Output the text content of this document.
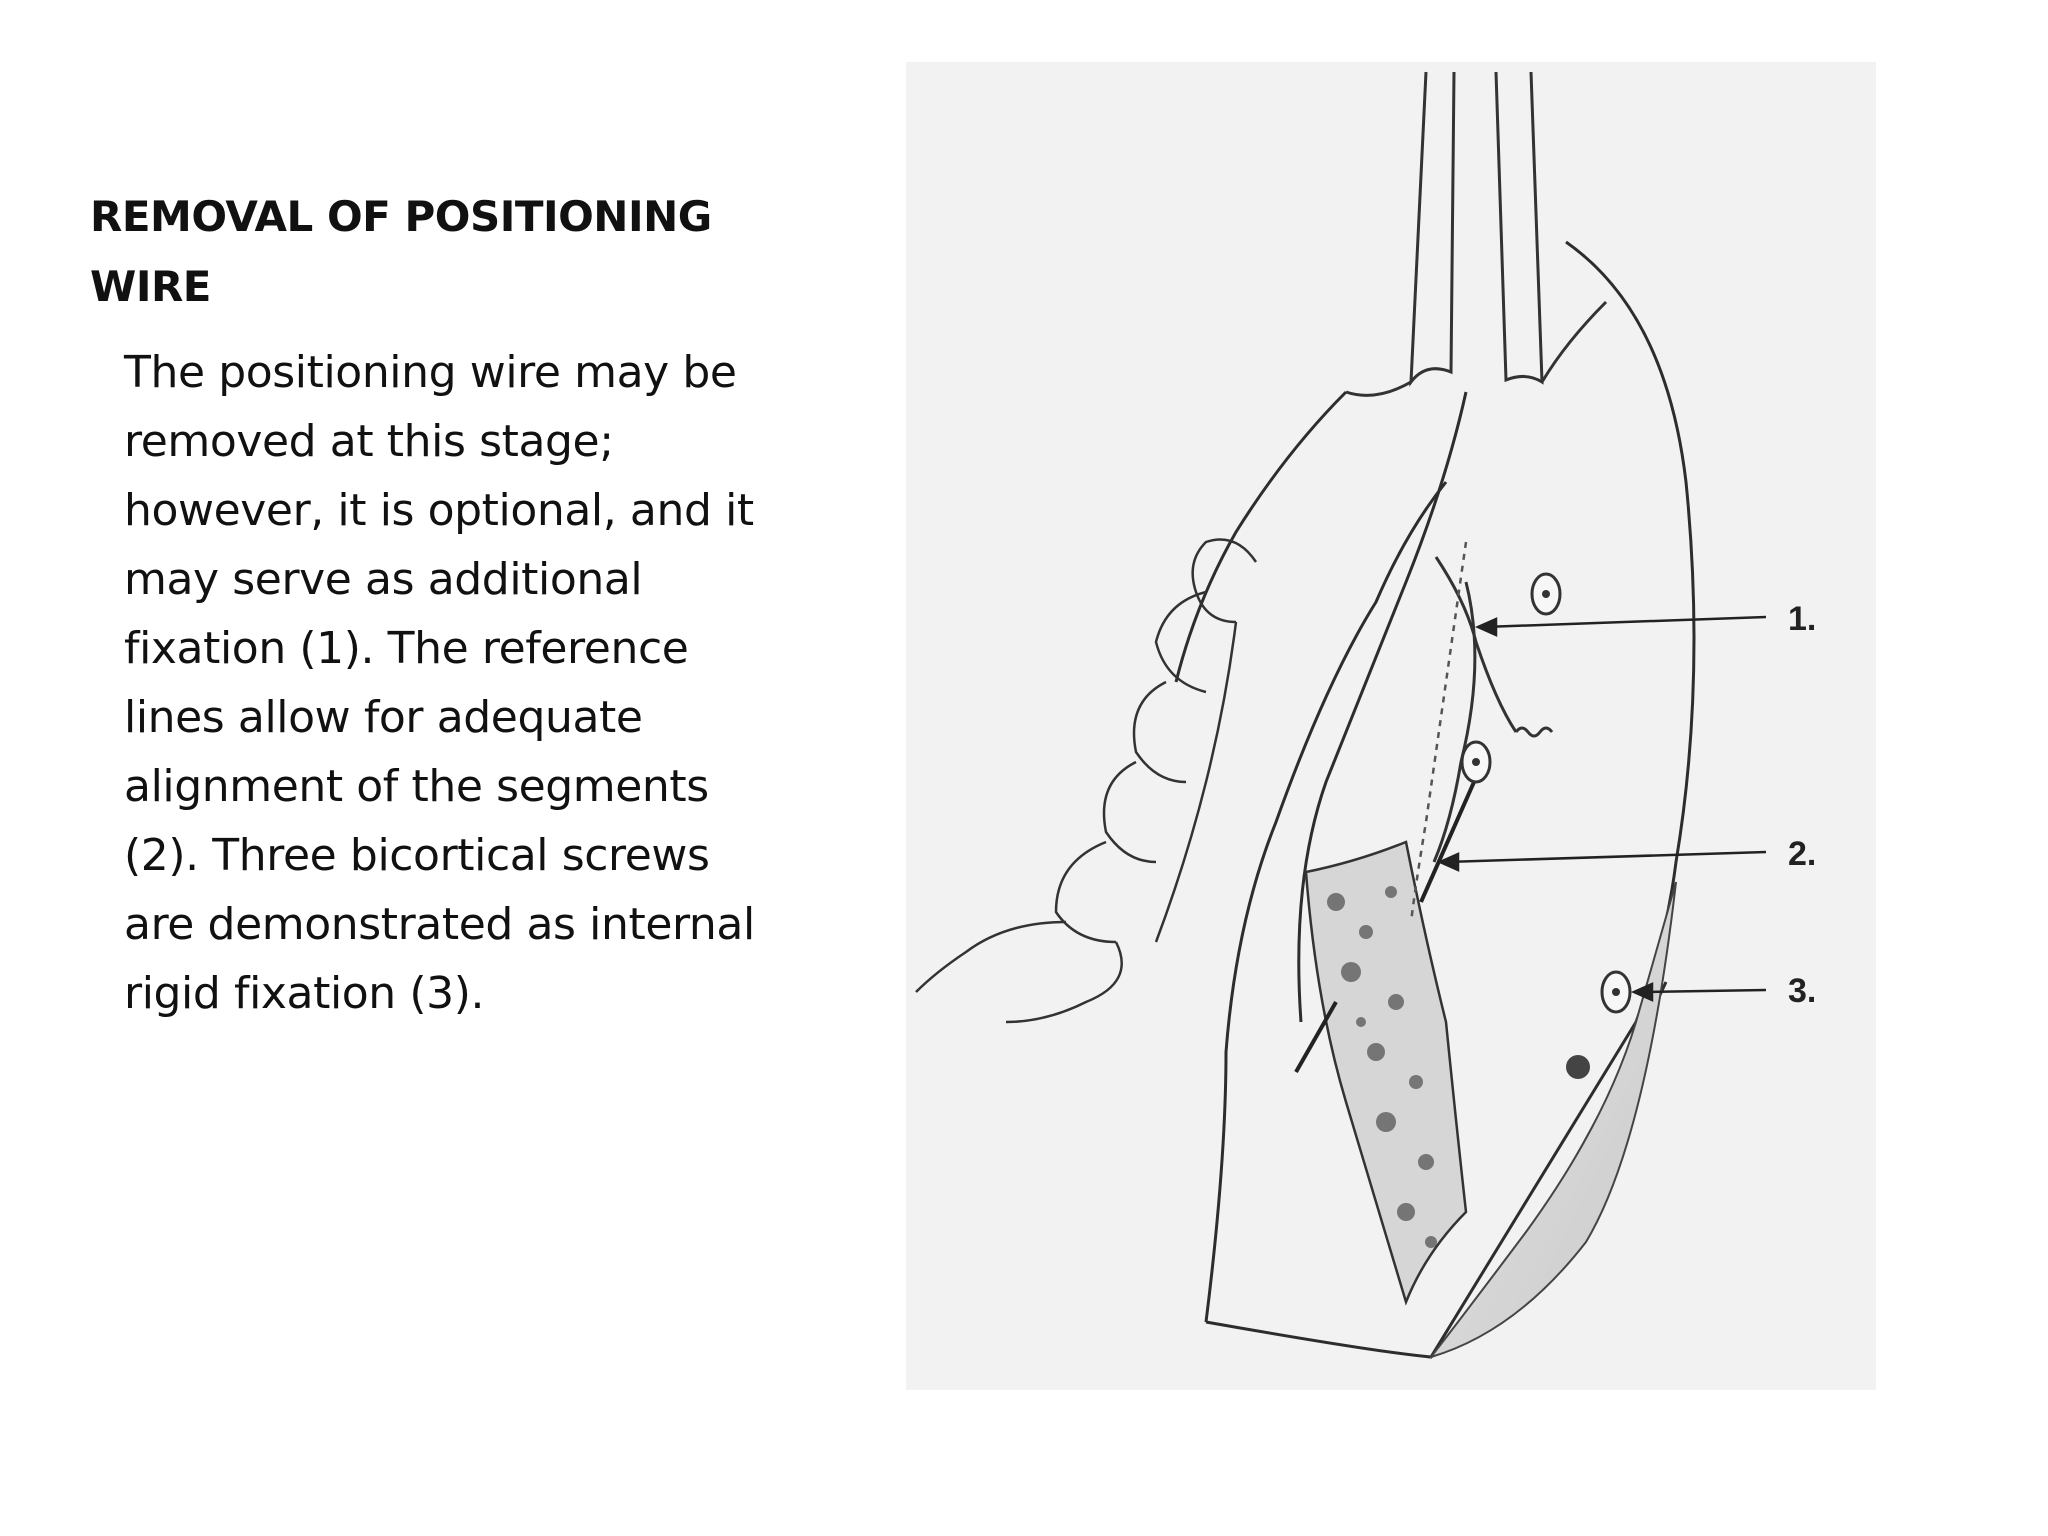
REMOVAL OF POSITIONING WIRE

The positioning wire may be removed at this stage; however, it is optional, and it may serve as additional fixation (1). The reference lines allow for adequate alignment of the segments (2). Three bicortical screws are demonstrated as internal rigid fixation (3).

1.
2.
3.
